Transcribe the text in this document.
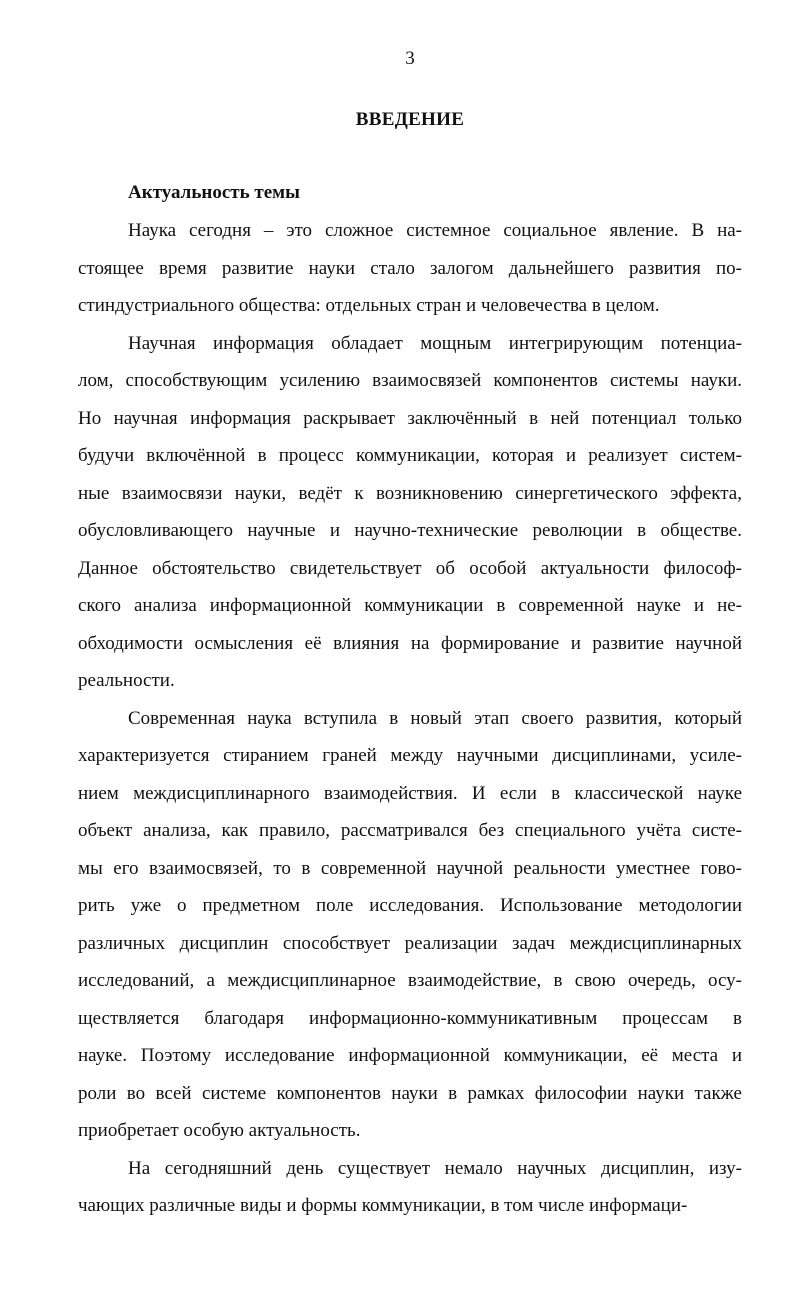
3
ВВЕДЕНИЕ
Актуальность темы
Наука сегодня – это сложное системное социальное явление. В на-
стоящее время развитие науки стало залогом дальнейшего развития по-
стиндустриального общества: отдельных стран и человечества в целом.
Научная информация обладает мощным интегрирующим потенциа-
лом, способствующим усилению взаимосвязей компонентов системы науки.
Но научная информация раскрывает заключённый в ней потенциал только
будучи включённой в процесс коммуникации, которая и реализует систем-
ные взаимосвязи науки, ведёт к возникновению синергетического эффекта,
обусловливающего научные и научно-технические революции в обществе.
Данное обстоятельство свидетельствует об особой актуальности философ-
ского анализа информационной коммуникации в современной науке и не-
обходимости осмысления её влияния на формирование и развитие научной
реальности.
Современная наука вступила в новый этап своего развития, который
характеризуется стиранием граней между научными дисциплинами, усиле-
нием междисциплинарного взаимодействия. И если в классической науке
объект анализа, как правило, рассматривался без специального учёта систе-
мы его взаимосвязей, то в современной научной реальности уместнее гово-
рить уже о предметном поле исследования. Использование методологии
различных дисциплин способствует реализации задач междисциплинарных
исследований, а междисциплинарное взаимодействие, в свою очередь, осу-
ществляется благодаря информационно-коммуникативным процессам в
науке. Поэтому исследование информационной коммуникации, её места и
роли во всей системе компонентов науки в рамках философии науки также
приобретает особую актуальность.
На сегодняшний день существует немало научных дисциплин, изу-
чающих различные виды и формы коммуникации, в том числе информаци-
